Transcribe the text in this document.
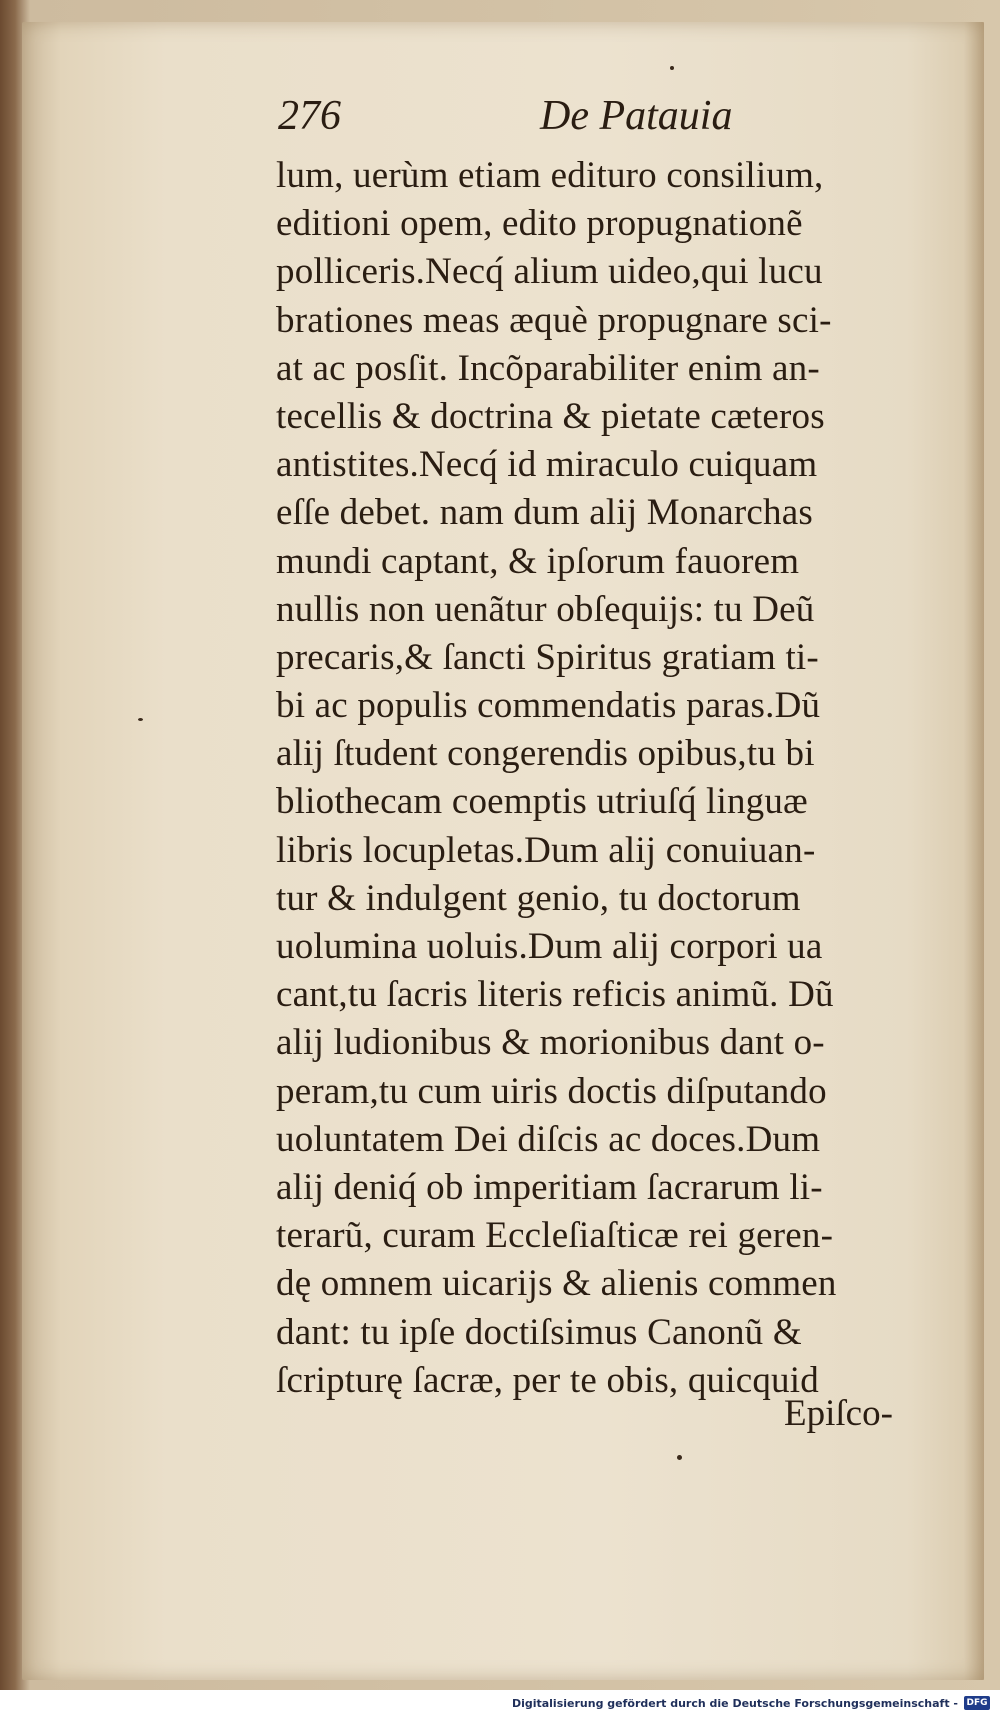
276	De Patauia
lum, uerùm etiam edituro consilium,
editioni opem, edito propugnationẽ
polliceris.Necq́ alium uideo,qui lucu
brationes meas æquè propugnare sci-
at ac posſit. Incõparabiliter enim an-
tecellis & doctrina & pietate cæteros
antistites.Necq́ id miraculo cuiquam
eſſe debet. nam dum alij Monarchas
mundi captant, & ipſorum fauorem
nullis non uenãtur obſequijs: tu Deũ
precaris,& ſancti Spiritus gratiam ti-
bi ac populis commendatis paras.Dũ
alij ſtudent congerendis opibus,tu bi
bliothecam coemptis utriuſq́ linguæ
libris locupletas.Dum alij conuiuan-
tur & indulgent genio, tu doctorum
uolumina uoluis.Dum alij corpori ua
cant,tu ſacris literis reficis animũ. Dũ
alij ludionibus & morionibus dant o-
peram,tu cum uiris doctis diſputando
uoluntatem Dei diſcis ac doces.Dum
alij deniq́ ob imperitiam ſacrarum li-
terarũ, curam Eccleſiaſticæ rei geren-
dę omnem uicarijs & alienis commen
dant: tu ipſe doctiſsimus Canonũ &
ſcripturę ſacræ, per te obis, quicquid
Epiſco-
Digitalisierung gefördert durch die Deutsche Forschungsgemeinschaft - DFG
